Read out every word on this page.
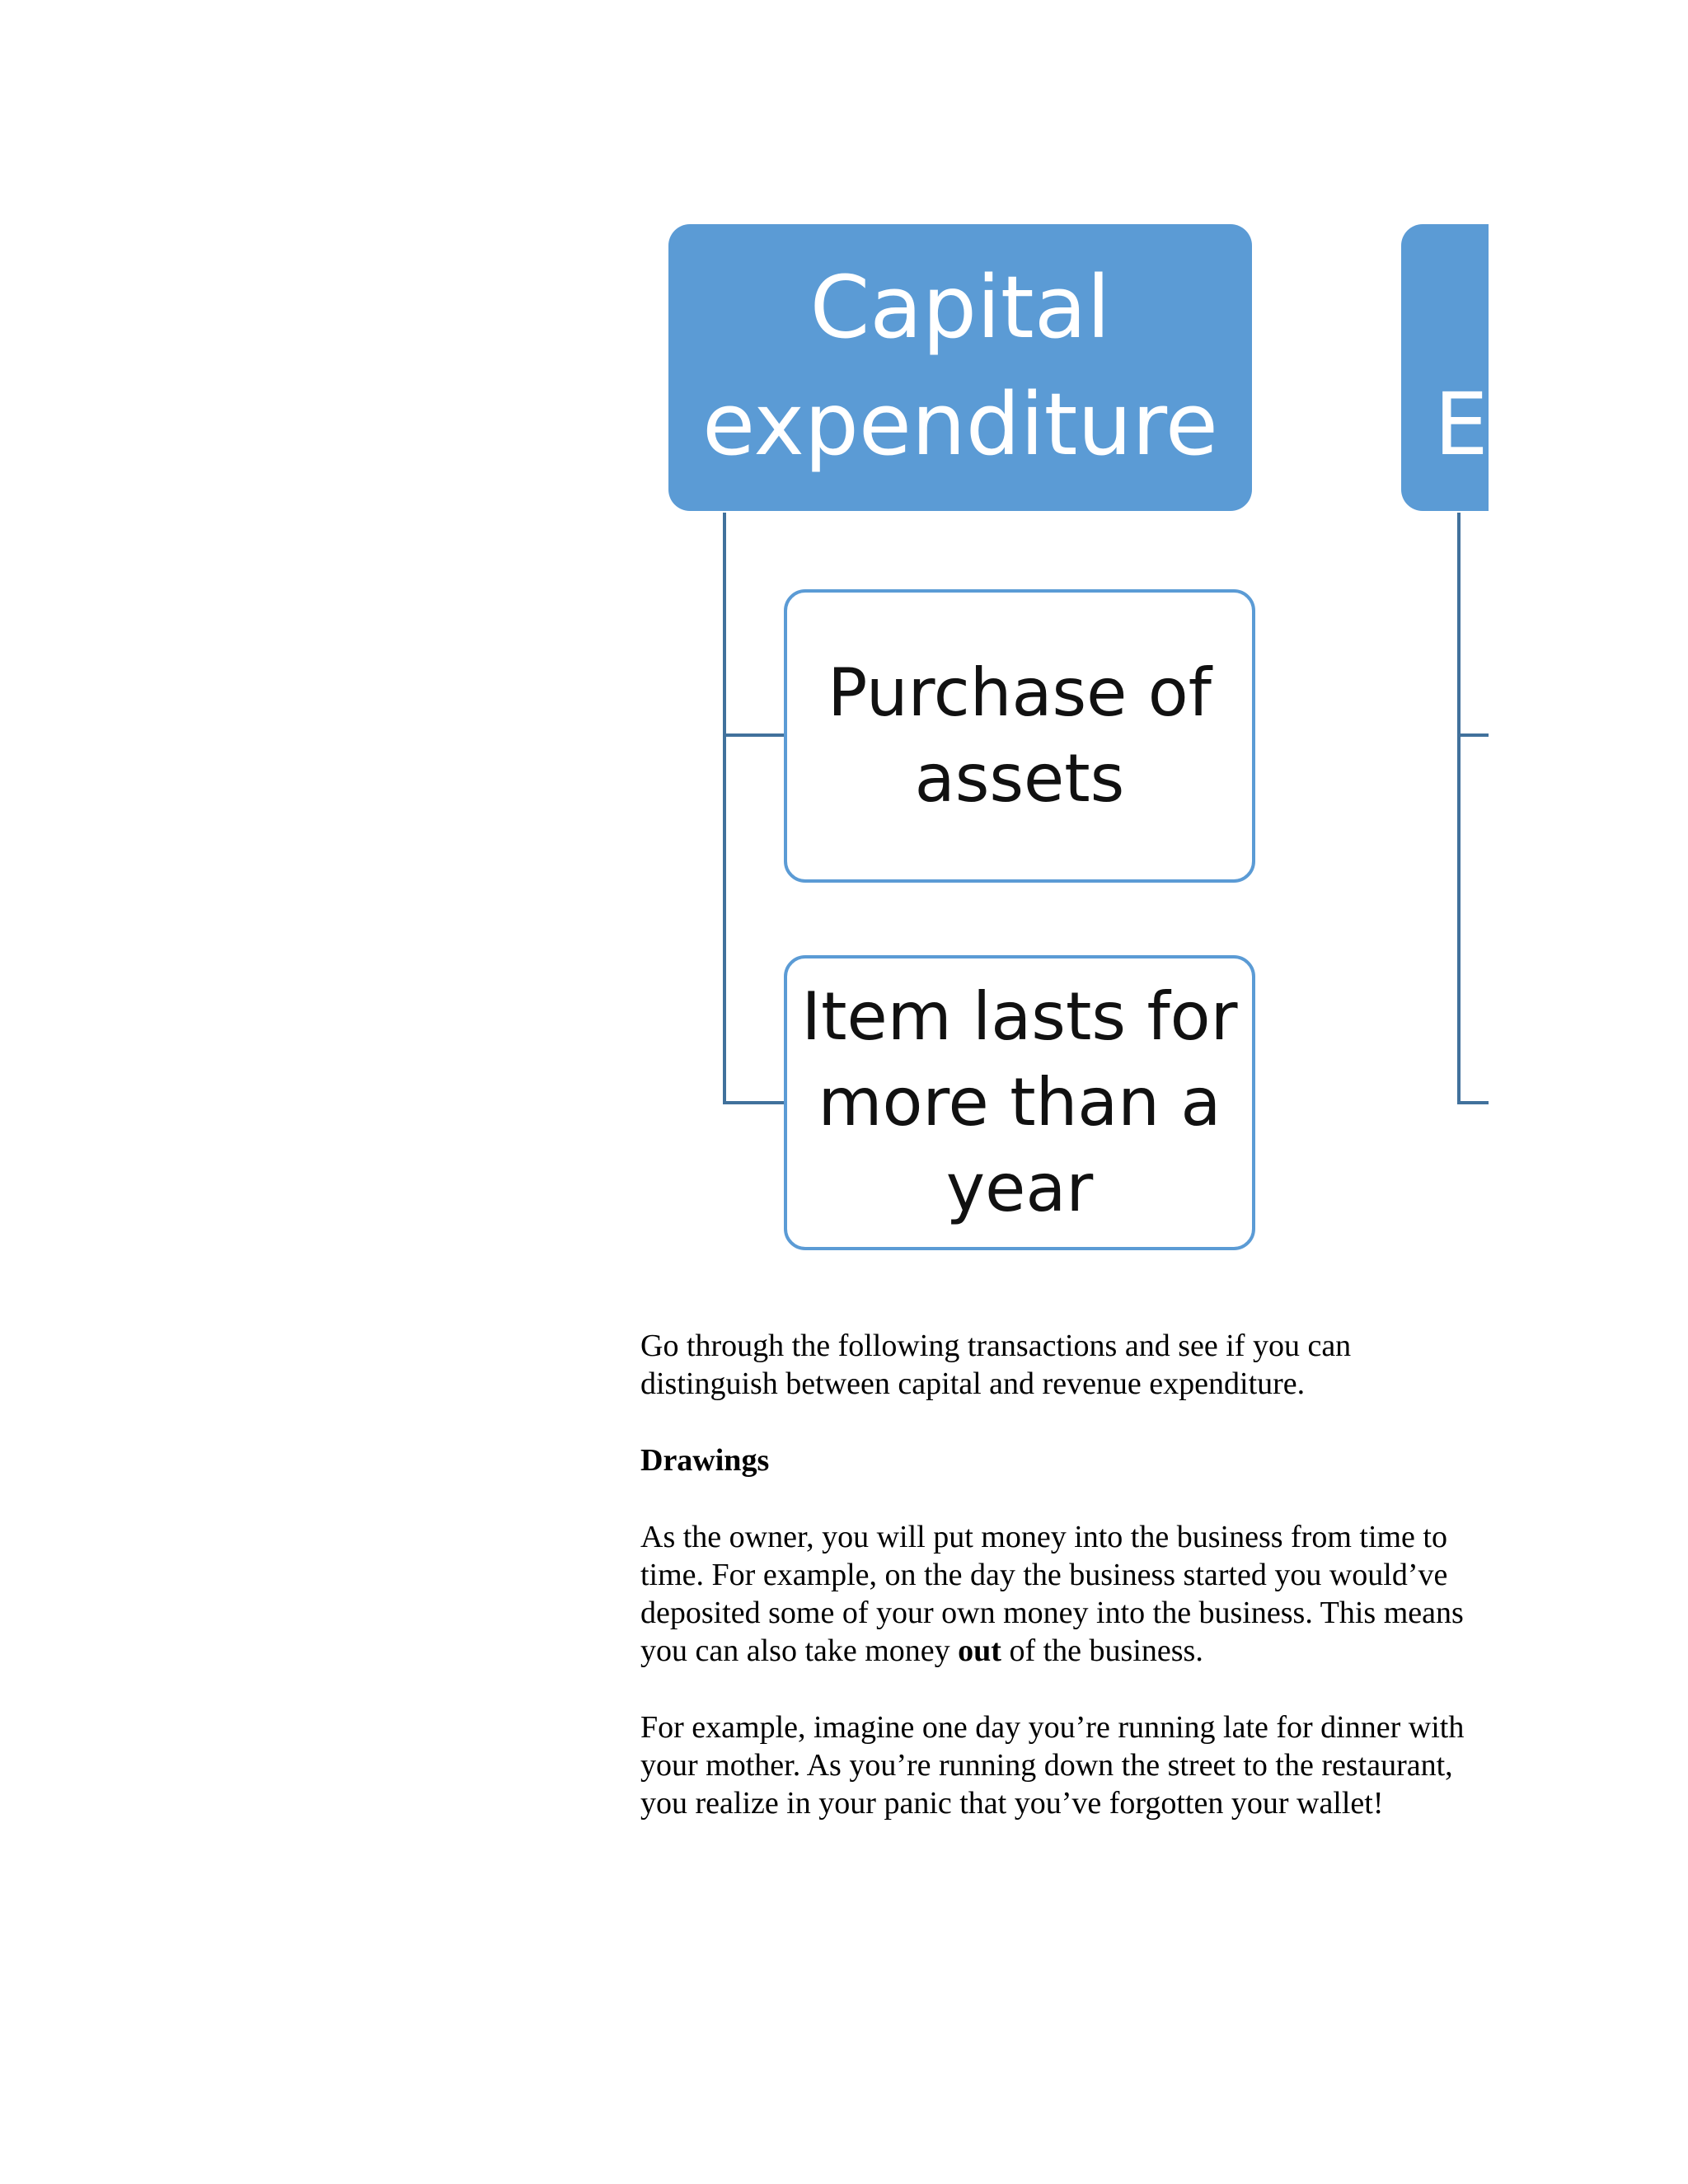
Capital
expenditure	E
Purchase of
assets
Item lasts for
more than a
year

Go through the following transactions and see if you can distinguish between capital and revenue expenditure.

Drawings

As the owner, you will put money into the business from time to time. For example, on the day the business started you would’ve deposited some of your own money into the business. This means you can also take money out of the business.

For example, imagine one day you’re running late for dinner with your mother. As you’re running down the street to the restaurant, you realize in your panic that you’ve forgotten your wallet!
